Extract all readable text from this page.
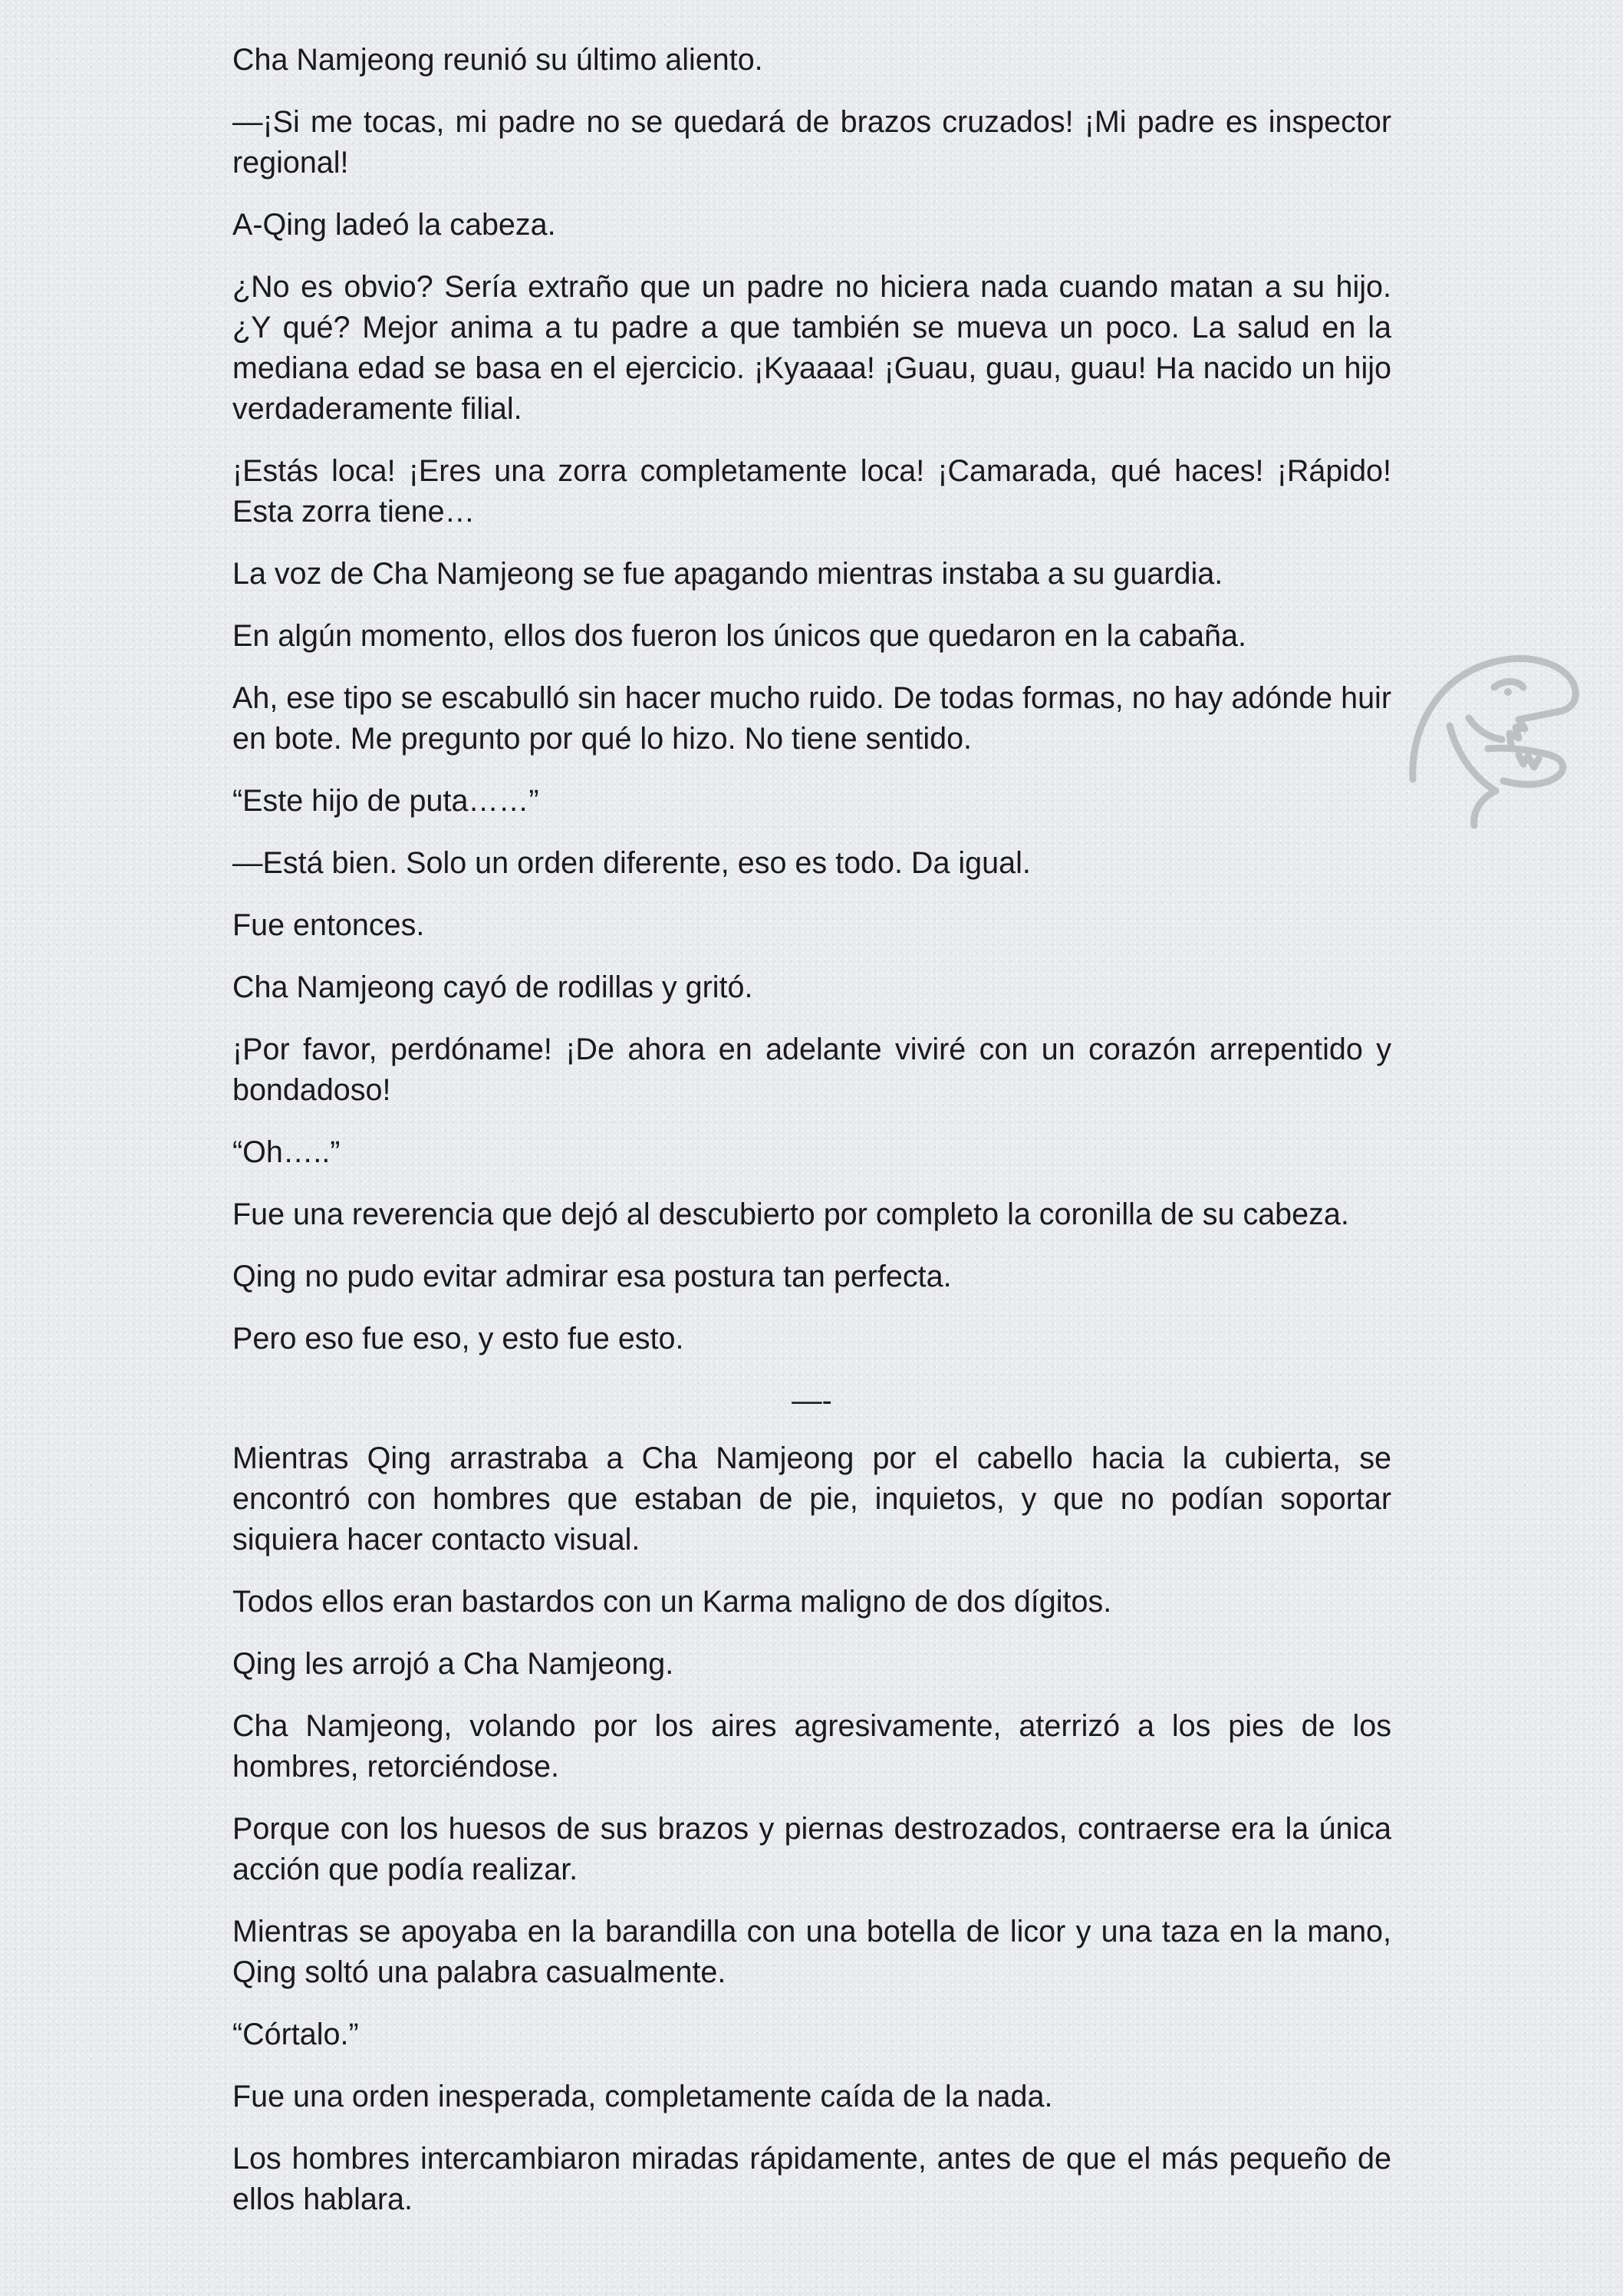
Cha Namjeong reunió su último aliento.

—¡Si me tocas, mi padre no se quedará de brazos cruzados! ¡Mi padre es inspector regional!

A-Qing ladeó la cabeza.

¿No es obvio? Sería extraño que un padre no hiciera nada cuando matan a su hijo. ¿Y qué? Mejor anima a tu padre a que también se mueva un poco. La salud en la mediana edad se basa en el ejercicio. ¡Kyaaaa! ¡Guau, guau, guau! Ha nacido un hijo verdaderamente filial.

¡Estás loca! ¡Eres una zorra completamente loca! ¡Camarada, qué haces! ¡Rápido! Esta zorra tiene…

La voz de Cha Namjeong se fue apagando mientras instaba a su guardia.

En algún momento, ellos dos fueron los únicos que quedaron en la cabaña.

Ah, ese tipo se escabulló sin hacer mucho ruido. De todas formas, no hay adónde huir en bote. Me pregunto por qué lo hizo. No tiene sentido.

“Este hijo de puta……”

—Está bien. Solo un orden diferente, eso es todo. Da igual.

Fue entonces.

Cha Namjeong cayó de rodillas y gritó.

¡Por favor, perdóname! ¡De ahora en adelante viviré con un corazón arrepentido y bondadoso!

“Oh…..”

Fue una reverencia que dejó al descubierto por completo la coronilla de su cabeza.

Qing no pudo evitar admirar esa postura tan perfecta.

Pero eso fue eso, y esto fue esto.

—-

Mientras Qing arrastraba a Cha Namjeong por el cabello hacia la cubierta, se encontró con hombres que estaban de pie, inquietos, y que no podían soportar siquiera hacer contacto visual.

Todos ellos eran bastardos con un Karma maligno de dos dígitos.

Qing les arrojó a Cha Namjeong.

Cha Namjeong, volando por los aires agresivamente, aterrizó a los pies de los hombres, retorciéndose.

Porque con los huesos de sus brazos y piernas destrozados, contraerse era la única acción que podía realizar.

Mientras se apoyaba en la barandilla con una botella de licor y una taza en la mano, Qing soltó una palabra casualmente.

“Córtalo.”

Fue una orden inesperada, completamente caída de la nada.

Los hombres intercambiaron miradas rápidamente, antes de que el más pequeño de ellos hablara.
